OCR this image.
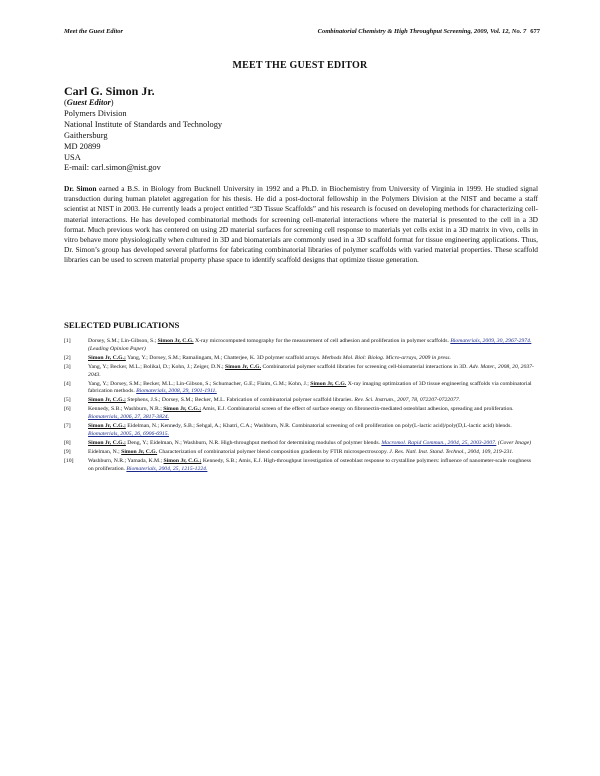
Meet the Guest Editor	Combinatorial Chemistry & High Throughput Screening, 2009, Vol. 12, No. 7 677
MEET THE GUEST EDITOR
Carl G. Simon Jr.
(Guest Editor)
Polymers Division
National Institute of Standards and Technology
Gaithersburg
MD 20899
USA
E-mail: carl.simon@nist.gov
Dr. Simon earned a B.S. in Biology from Bucknell University in 1992 and a Ph.D. in Biochemistry from University of Virginia in 1999. He studied signal transduction during human platelet aggregation for his thesis. He did a post-doctoral fellowship in the Polymers Division at the NIST and became a staff scientist at NIST in 2003. He currently leads a project entitled “3D Tissue Scaffolds” and his research is focused on developing methods for characterizing cell-material interactions. He has developed combinatorial methods for screening cell-material interactions where the material is presented to the cell in a 3D format. Much previous work has centered on using 2D material surfaces for screening cell response to materials yet cells exist in a 3D matrix in vivo, cells in vitro behave more physiologically when cultured in 3D and biomaterials are commonly used in a 3D scaffold format for tissue engineering applications. Thus, Dr. Simon’s group has developed several platforms for fabricating combinatorial libraries of polymer scaffolds with varied material properties. These scaffold libraries can be used to screen material property phase space to identify scaffold designs that optimize tissue generation.
SELECTED PUBLICATIONS
[1]	Dorsey, S.M.; Lin-Gibson, S.; Simon Jr, C.G. X-ray microcomputed tomography for the measurement of cell adhesion and proliferation in polymer scaffolds. Biomaterials, 2009, 30, 2967-2974. (Leading Opinion Paper)
[2]	Simon Jr, C.G.; Yang, Y.; Dorsey, S.M.; Ramalingam, M.; Chatterjee, K. 3D polymer scaffold arrays. Methods Mol. Biol: Biolog. Micro-arrays, 2009 in press.
[3]	Yang, Y.; Becker, M.L.; Bolikal, D.; Kohn, J.; Zeiger, D.N.; Simon Jr, C.G. Combinatorial polymer scaffold libraries for screening cell-biomaterial interactions in 3D. Adv. Mater., 2008, 20, 2037-2043.
[4]	Yang, Y.; Dorsey, S.M.; Becker, M.L.; Lin-Gibson, S.; Schumacher, G.E.; Flaim, G.M.; Kohn, J.; Simon Jr, C.G. X-ray imaging optimization of 3D tissue engineering scaffolds via combinatorial fabrication methods. Biomaterials, 2008, 29, 1901-1911.
[5]	Simon Jr, C.G.; Stephens, J.S.; Dorsey, S.M.; Becker, M.L. Fabrication of combinatorial polymer scaffold libraries. Rev. Sci. Instrum., 2007, 78, 072207-0722077.
[6]	Kennedy, S.B.; Washburn, N.R.; Simon Jr, C.G.; Amis, E.J. Combinatorial screen of the effect of surface energy on fibronectin-mediated osteoblast adhesion, spreading and proliferation. Biomaterials, 2006, 27, 3817-3824.
[7]	Simon Jr, C.G.; Eidelman, N.; Kennedy, S.B.; Sehgal, A.; Khatri, C.A.; Washburn, N.R. Combinatorial screening of cell proliferation on poly(L-lactic acid)/poly(D,L-lactic acid) blends. Biomaterials, 2005, 26, 6906-6915.
[8]	Simon Jr, C.G.; Deng, Y.; Eidelman, N.; Washburn, N.R. High-throughput method for determining modulus of polymer blends. Macromol. Rapid Commun., 2004, 25, 2003-2007. (Cover Image)
[9]	Eidelman, N.; Simon Jr, C.G. Characterization of combinatorial polymer blend composition gradients by FTIR microspectroscopy. J. Res. Natl. Inst. Stand. Technol., 2004, 109, 219-231.
[10]	Washburn, N.R.; Yamada, K.M.; Simon Jr, C.G.; Kennedy, S.B.; Amis, E.J. High-throughput investigation of osteoblast response to crystalline polymers: influence of nanometer-scale roughness on proliferation. Biomaterials, 2004, 25, 1215-1224.
